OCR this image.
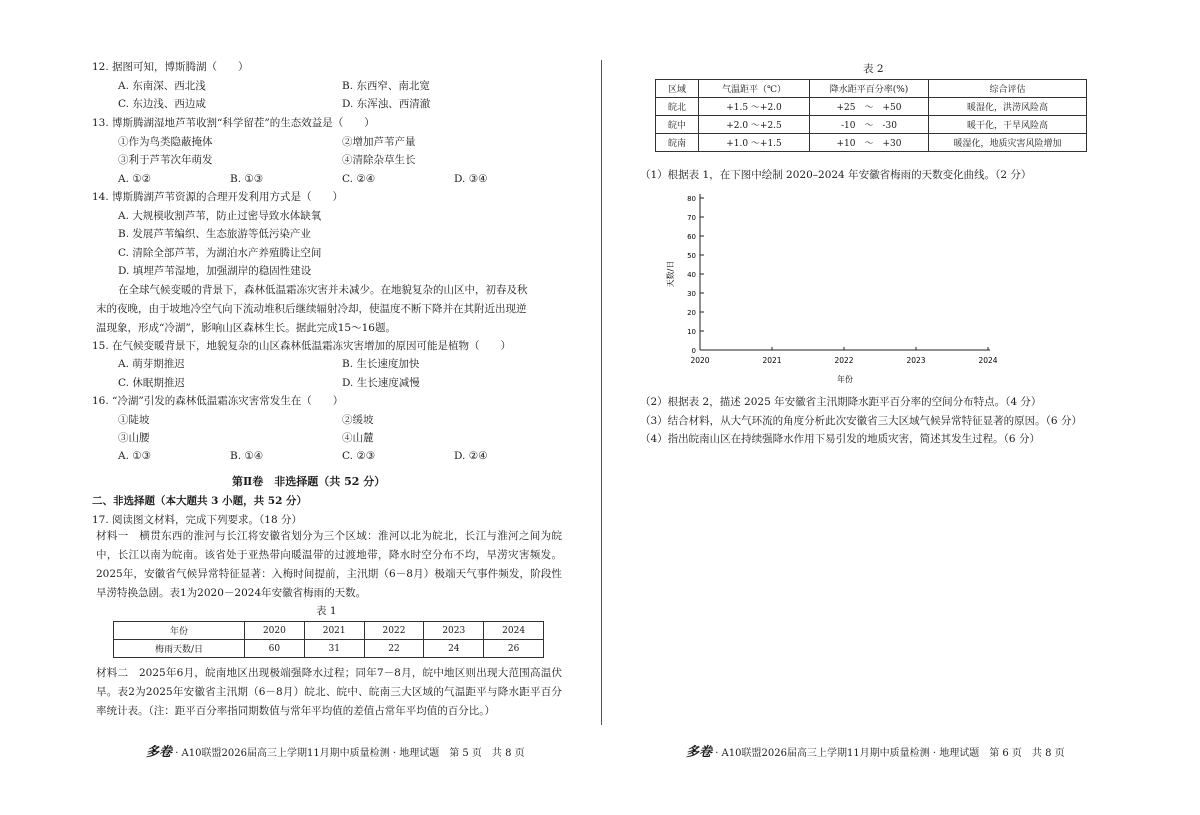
12. 据图可知，博斯腾湖（　　）
A. 东南深、西北浅	B. 东西窄、南北宽
C. 东边浅、西边咸	D. 东浑浊、西清澈
13. 博斯腾湖湿地芦苇收割“科学留茬”的生态效益是（　　）
①作为鸟类隐蔽掩体	②增加芦苇产量
③利于芦苇次年萌发	④清除杂草生长
A. ①②	B. ①③	C. ②④	D. ③④
14. 博斯腾湖芦苇资源的合理开发利用方式是（　　）
A. 大规模收割芦苇，防止过密导致水体缺氧
B. 发展芦苇编织、生态旅游等低污染产业
C. 清除全部芦苇，为湖泊水产养殖腾让空间
D. 填埋芦苇湿地，加强湖岸的稳固性建设
在全球气候变暖的背景下，森林低温霜冻灾害并未减少。在地貌复杂的山区中，初春及秋
末的夜晚，由于坡地冷空气向下流动堆积后继续辐射冷却，使温度不断下降并在其附近出现逆
温现象，形成“冷湖”，影响山区森林生长。据此完成15～16题。
15. 在气候变暖背景下，地貌复杂的山区森林低温霜冻灾害增加的原因可能是植物（　　）
A. 萌芽期推迟	B. 生长速度加快
C. 休眠期推迟	D. 生长速度减慢
16. “冷湖”引发的森林低温霜冻灾害常发生在（　　）
①陡坡	②缓坡
③山腰	④山麓
A. ①③	B. ①④	C. ②③	D. ②④
第Ⅱ卷　非选择题（共 52 分）
二、非选择题（本大题共 3 小题，共 52 分）
17. 阅读图文材料，完成下列要求。（18 分）
材料一　横贯东西的淮河与长江将安徽省划分为三个区域：淮河以北为皖北，长江与淮河之间为皖中，长江以南为皖南。该省处于亚热带向暖温带的过渡地带，降水时空分布不均，旱涝灾害频发。2025年，安徽省气候异常特征显著：入梅时间提前，主汛期（6－8月）极端天气事件频发，阶段性旱涝特换急剧。表1为2020－2024年安徽省梅雨的天数。
表 1
年份	2020	2021	2022	2023	2024
梅雨天数/日	60	31	22	24	26
材料二　2025年6月，皖南地区出现极端强降水过程；同年7－8月，皖中地区则出现大范围高温伏旱。表2为2025年安徽省主汛期（6－8月）皖北、皖中、皖南三大区域的气温距平与降水距平百分率统计表。（注：距平百分率指同期数值与常年平均值的差值占常年平均值的百分比。）
多卷 · A10联盟2026届高三上学期11月期中质量检测 · 地理试题　第 5 页　共 8 页
表 2
区域	气温距平（℃）	降水距平百分率(%)	综合评估
皖北	+1.5 ～+2.0	+25　～　+50	暖湿化，洪涝风险高
皖中	+2.0 ～+2.5	-10　～　-30	暖干化，干旱风险高
皖南	+1.0 ～+1.5	+10　～　+30	暖湿化，地质灾害风险增加
（1）根据表 1，在下图中绘制 2020–2024 年安徽省梅雨的天数变化曲线。（2 分）
0
10
20
30
40
50
60
70
80
2020	2021	2022	2023	2024
天数/日
年份
（2）根据表 2，描述 2025 年安徽省主汛期降水距平百分率的空间分布特点。（4 分）
（3）结合材料，从大气环流的角度分析此次安徽省三大区域气候异常特征显著的原因。（6 分）
（4）指出皖南山区在持续强降水作用下易引发的地质灾害，简述其发生过程。（6 分）
多卷 · A10联盟2026届高三上学期11月期中质量检测 · 地理试题　第 6 页　共 8 页
